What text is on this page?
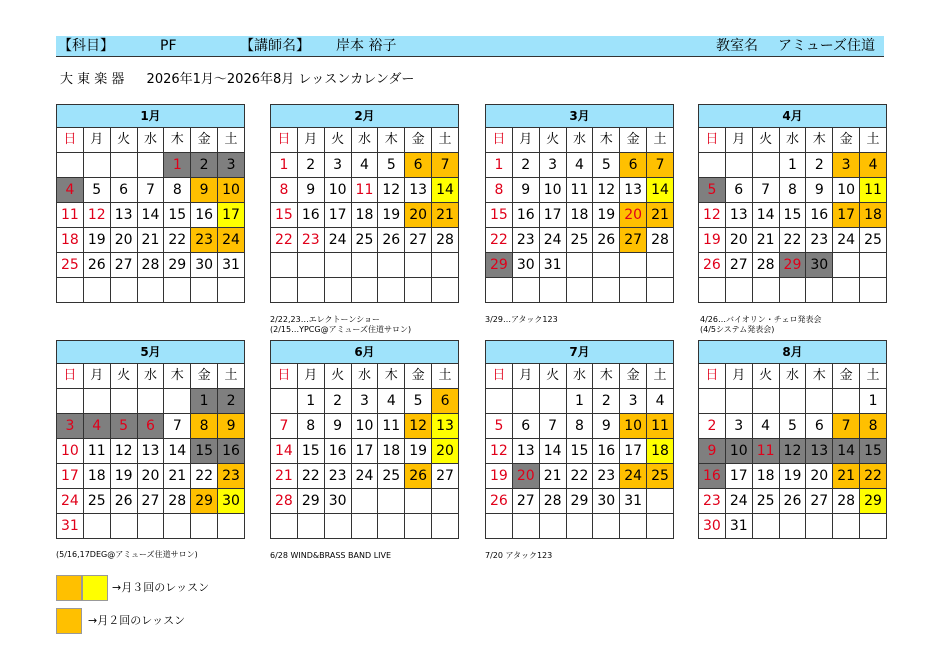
【科目】	PF	【講師名】 岸本 裕子	教室名 アミューズ住道
大 東 楽 器 2026年1月～2026年8月 レッスンカレンダー
1月						
日	月	火	水	木	金	土
				1	2	3
4	5	6	7	8	9	10
11	12	13	14	15	16	17
18	19	20	21	22	23	24
25	26	27	28	29	30	31

2月						
日	月	火	水	木	金	土
1	2	3	4	5	6	7
8	9	10	11	12	13	14
15	16	17	18	19	20	21
22	23	24	25	26	27	28

3月						
日	月	火	水	木	金	土
1	2	3	4	5	6	7
8	9	10	11	12	13	14
15	16	17	18	19	20	21
22	23	24	25	26	27	28
29	30	31				

4月						
日	月	火	水	木	金	土
			1	2	3	4
5	6	7	8	9	10	11
12	13	14	15	16	17	18
19	20	21	22	23	24	25
26	27	28	29	30		

5月						
日	月	火	水	木	金	土
					1	2
3	4	5	6	7	8	9
10	11	12	13	14	15	16
17	18	19	20	21	22	23
24	25	26	27	28	29	30
31						
6月						
日	月	火	水	木	金	土
	1	2	3	4	5	6
7	8	9	10	11	12	13
14	15	16	17	18	19	20
21	22	23	24	25	26	27
28	29	30				

7月						
日	月	火	水	木	金	土
			1	2	3	4
5	6	7	8	9	10	11
12	13	14	15	16	17	18
19	20	21	22	23	24	25
26	27	28	29	30	31	

8月						
日	月	火	水	木	金	土
						1
2	3	4	5	6	7	8
9	10	11	12	13	14	15
16	17	18	19	20	21	22
23	24	25	26	27	28	29
30	31					
2/22,23…エレクトーンショー
(2/15…YPCG@アミューズ住道サロン)
3/29…アタック123	4/26…バイオリン・チェロ発表会
(4/5システム発表会)
(5/16,17DEG@アミューズ住道サロン)	6/28 WIND&BRASS BAND LIVE	7/20 アタック123
→月３回のレッスン
→月２回のレッスン
